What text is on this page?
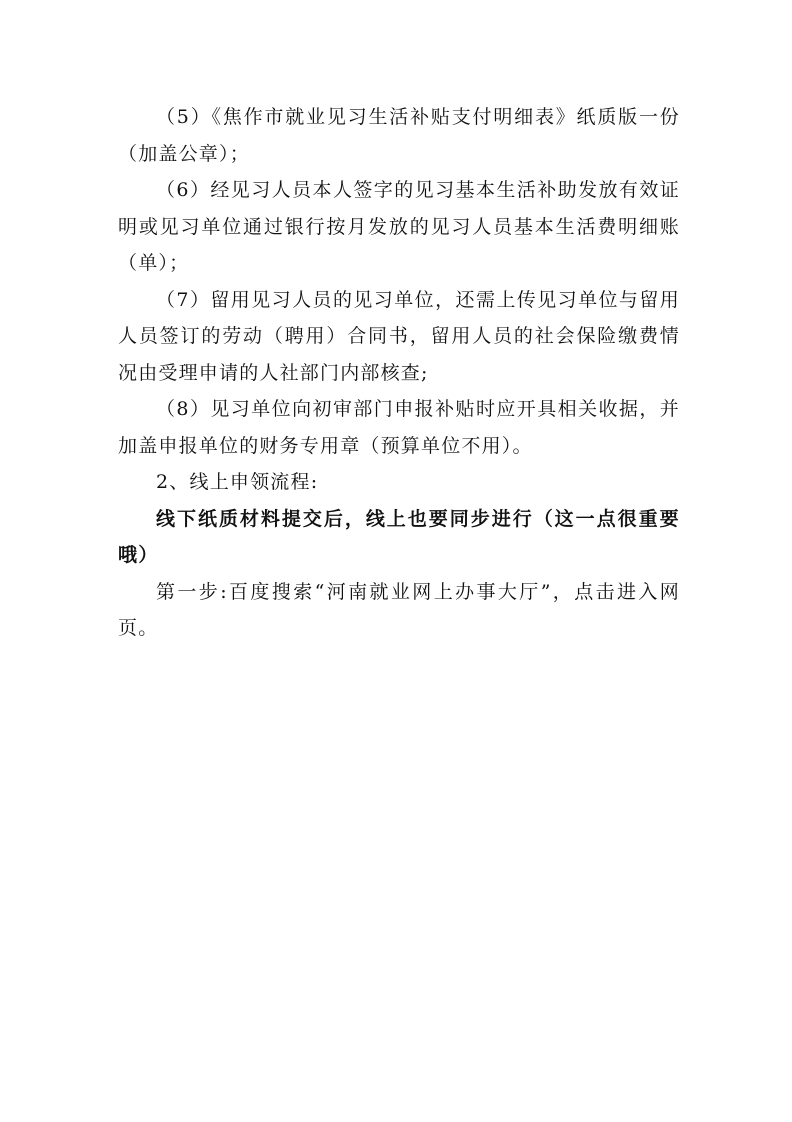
（5）《焦作市就业见习生活补贴支付明细表》纸质版一份（加盖公章）；

（6）经见习人员本人签字的见习基本生活补助发放有效证明或见习单位通过银行按月发放的见习人员基本生活费明细账（单）；

（7）留用见习人员的见习单位，还需上传见习单位与留用人员签订的劳动（聘用）合同书，留用人员的社会保险缴费情况由受理申请的人社部门内部核查;

（8）见习单位向初审部门申报补贴时应开具相关收据，并加盖申报单位的财务专用章（预算单位不用）。

2、线上申领流程:

线下纸质材料提交后，线上也要同步进行（这一点很重要哦）

第一步:百度搜索“河南就业网上办事大厅”，点击进入网页。
